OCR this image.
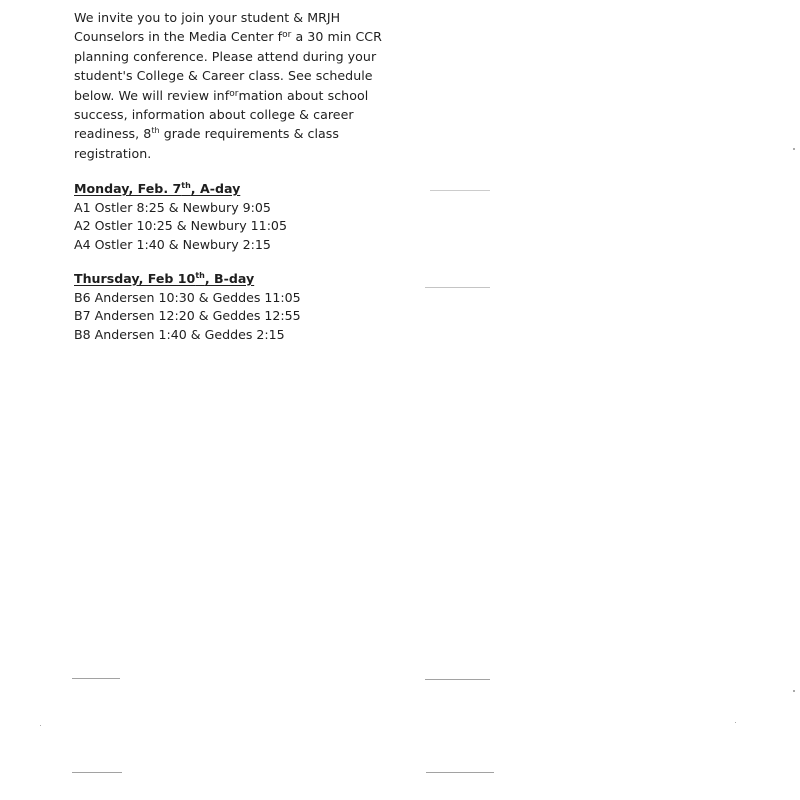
We invite you to join your student & MRJH Counselors in the Media Center $f^{or}$ a 30 min CCR planning conference. Please attend during your student's College & Career class. See schedule below. We will review inf$^{or}$mation about school success, information about college & career readiness, 8th grade requirements & class registration.

Monday, Feb. 7th, A-day
A1 Ostler 8:25 & Newbury 9:05
A2 Ostler 10:25 & Newbury 11:05
A4 Ostler 1:40 & Newbury 2:15
Thursday, Feb 10th, B-day
B6 Andersen 10:30 & Geddes 11:05
B7 Andersen 12:20 & Geddes 12:55
B8 Andersen 1:40 & Geddes 2:15
